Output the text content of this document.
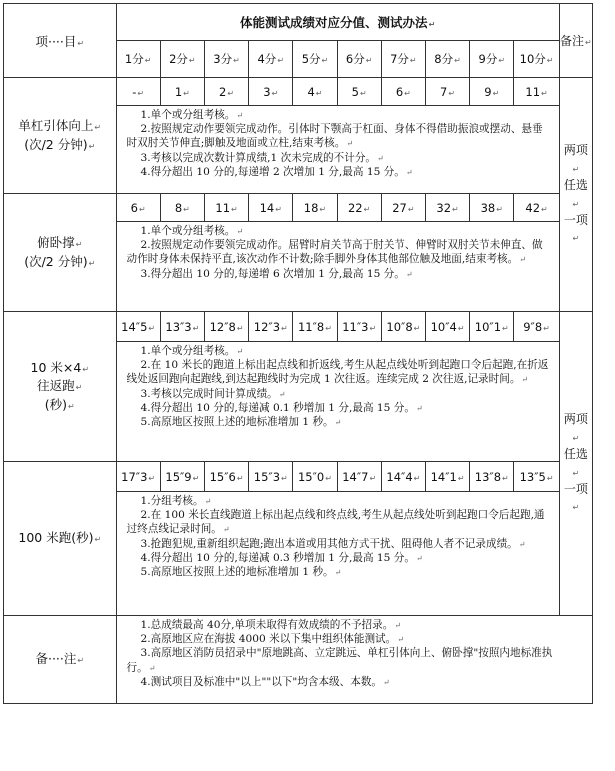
项····目 ↵	体能测试成绩对应分值、测试办法 ↵										备注 ↵
	1分 ↵	2分 ↵	3分 ↵	4分 ↵	5分 ↵	6分 ↵	7分 ↵	8分 ↵	9分 ↵	10分 ↵
单杠引体向上 ↵
(次/2 分钟) ↵	- ↵	1 ↵	2 ↵	3 ↵	4 ↵	5 ↵	6 ↵	7 ↵	9 ↵	11 ↵	两项 ↵
任选 ↵
一项 ↵

	1.单个或分组考核。 ↵

2.按照规定动作要领完成动作。引体时下颚高于杠面、身体不得借助振浪或摆动、悬垂时双肘关节伸直;脚触及地面或立柱,结束考核。 ↵

3.考核以完成次数计算成绩,1 次未完成的不计分。 ↵

4.得分超出 10 分的,每递增 2 次增加 1 分,最高 15 分。 ↵

俯卧撑 ↵
(次/2 分钟) ↵	6 ↵	8 ↵	11 ↵	14 ↵	18 ↵	22 ↵	27 ↵	32 ↵	38 ↵	42 ↵

	1.单个或分组考核。 ↵

2.按照规定动作要领完成动作。屈臂时肩关节高于肘关节、伸臂时双肘关节未伸直、做动作时身体未保持平直,该次动作不计数;除手脚外身体其他部位触及地面,结束考核。 ↵

3.得分超出 10 分的,每递增 6 次增加 1 分,最高 15 分。 ↵

10 米×4 ↵
往返跑 ↵
(秒) ↵	14″5 ↵	13″3 ↵	12″8 ↵	12″3 ↵	11″8 ↵	11″3 ↵	10″8 ↵	10″4 ↵	10″1 ↵	9″8 ↵	两项 ↵
任选 ↵
一项 ↵

	1.单个或分组考核。 ↵

2.在 10 米长的跑道上标出起点线和折返线,考生从起点线处听到起跑口令后起跑,在折返线处返回跑向起跑线,到达起跑线时为完成 1 次往返。连续完成 2 次往返,记录时间。 ↵

3.考核以完成时间计算成绩。 ↵

4.得分超出 10 分的,每递减 0.1 秒增加 1 分,最高 15 分。 ↵

5.高原地区按照上述的地标准增加 1 秒。 ↵

100 米跑(秒) ↵	17″3 ↵	15″9 ↵	15″6 ↵	15″3 ↵	15″0 ↵	14″7 ↵	14″4 ↵	14″1 ↵	13″8 ↵	13″5 ↵

	1.分组考核。 ↵

2.在 100 米长直线跑道上标出起点线和终点线,考生从起点线处听到起跑口令后起跑,通过终点线记录时间。 ↵

3.抢跑犯规,重新组织起跑;跑出本道或用其他方式干扰、阻碍他人者不记录成绩。 ↵

4.得分超出 10 分的,每递减 0.3 秒增加 1 分,最高 15 分。 ↵

5.高原地区按照上述的地标准增加 1 秒。 ↵

备····注 ↵	1.总成绩最高 40分,单项未取得有效成绩的不予招录。 ↵

2.高原地区应在海拔 4000 米以下集中组织体能测试。 ↵

3.高原地区消防员招录中"原地跳高、立定跳远、单杠引体向上、俯卧撑"按照内地标准执行。 ↵

4.测试项目及标准中"以上""以下"均含本级、本数。 ↵
